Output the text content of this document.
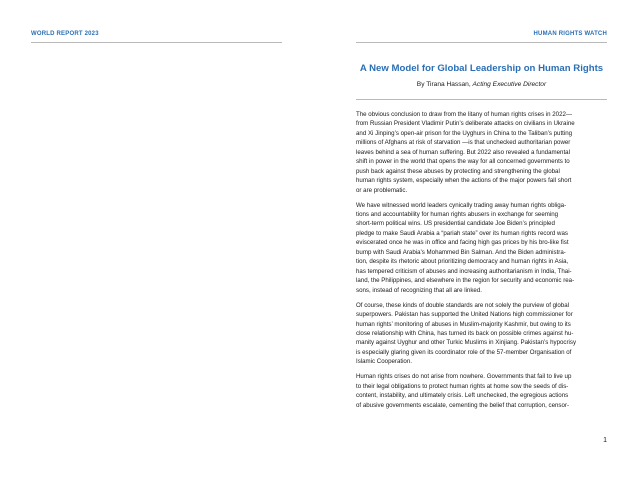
WORLD REPORT 2023	HUMAN RIGHTS WATCH
A New Model for Global Leadership on Human Rights
By Tirana Hassan, Acting Executive Director

The obvious conclusion to draw from the litany of human rights crises in 2022—
from Russian President Vladimir Putin’s deliberate attacks on civilians in Ukraine
and Xi Jinping’s open-air prison for the Uyghurs in China to the Taliban’s putting
millions of Afghans at risk of starvation —is that unchecked authoritarian power
leaves behind a sea of human suffering. But 2022 also revealed a fundamental
shift in power in the world that opens the way for all concerned governments to
push back against these abuses by protecting and strengthening the global
human rights system, especially when the actions of the major powers fall short
or are problematic.

We have witnessed world leaders cynically trading away human rights obliga-
tions and accountability for human rights abusers in exchange for seeming
short-term political wins. US presidential candidate Joe Biden’s principled
pledge to make Saudi Arabia a “pariah state” over its human rights record was
eviscerated once he was in office and facing high gas prices by his bro-like fist
bump with Saudi Arabia’s Mohammed Bin Salman. And the Biden administra-
tion, despite its rhetoric about prioritizing democracy and human rights in Asia,
has tempered criticism of abuses and increasing authoritarianism in India, Thai-
land, the Philippines, and elsewhere in the region for security and economic rea-
sons, instead of recognizing that all are linked.

Of course, these kinds of double standards are not solely the purview of global
superpowers. Pakistan has supported the United Nations high commissioner for
human rights’ monitoring of abuses in Muslim-majority Kashmir, but owing to its
close relationship with China, has turned its back on possible crimes against hu-
manity against Uyghur and other Turkic Muslims in Xinjiang. Pakistan’s hypocrisy
is especially glaring given its coordinator role of the 57-member Organisation of
Islamic Cooperation.

Human rights crises do not arise from nowhere. Governments that fail to live up
to their legal obligations to protect human rights at home sow the seeds of dis-
content, instability, and ultimately crisis. Left unchecked, the egregious actions
of abusive governments escalate, cementing the belief that corruption, censor-

1
